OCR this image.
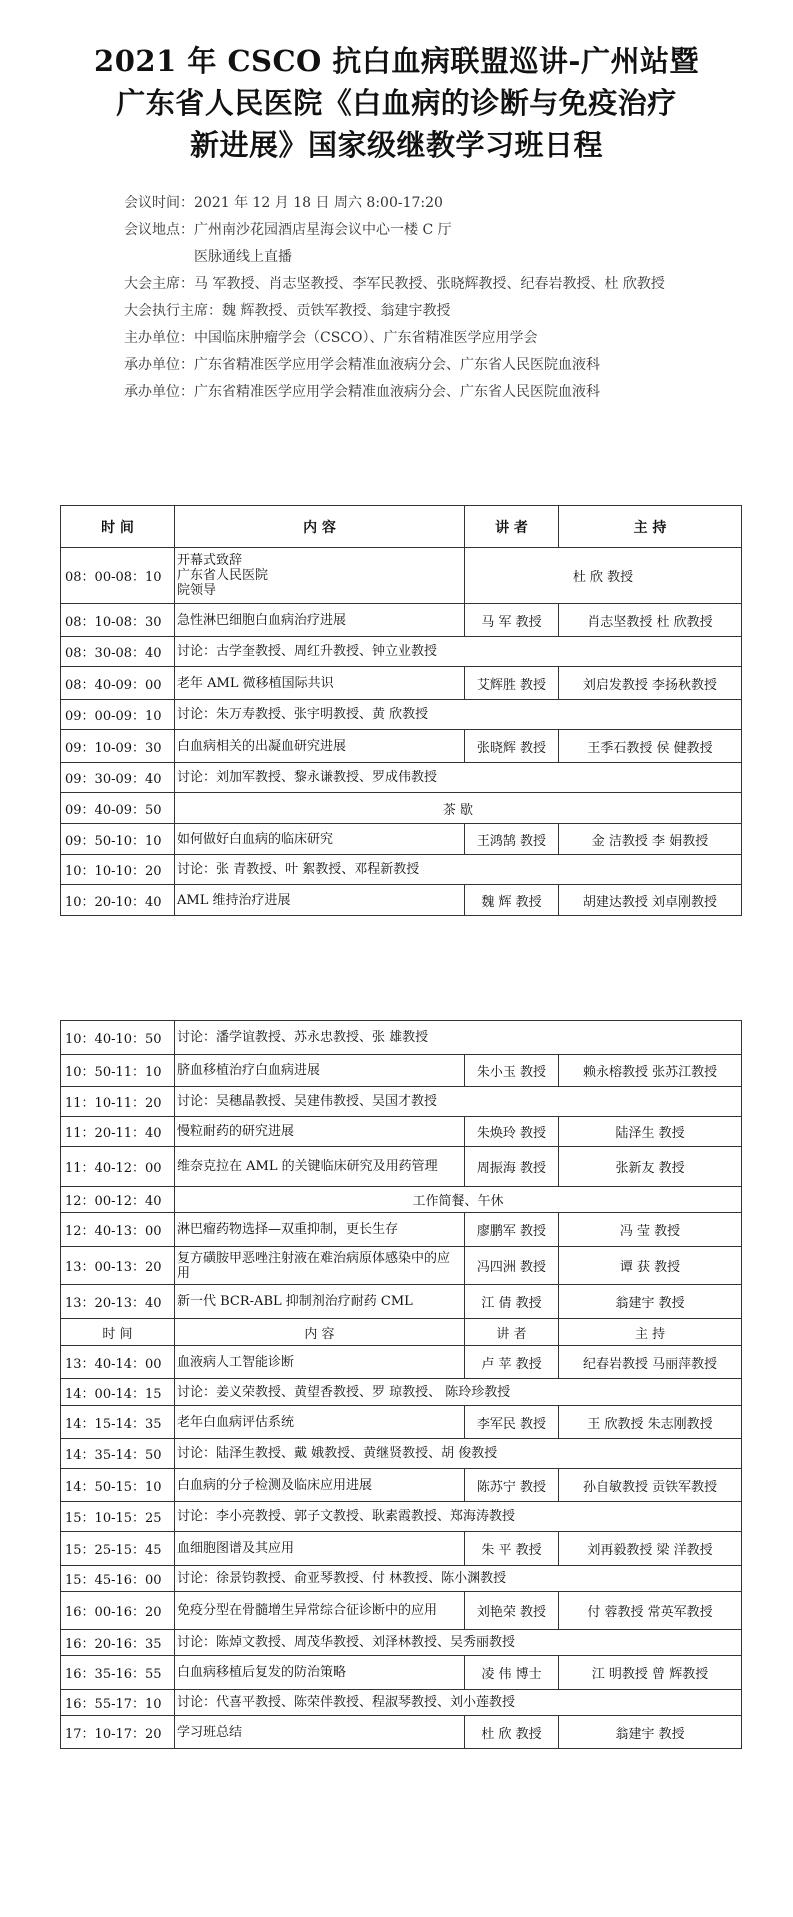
2021 年 CSCO 抗白血病联盟巡讲-广州站暨
广东省人民医院《白血病的诊断与免疫治疗
新进展》国家级继教学习班日程
会议时间： 2021 年 12 月 18 日 周六 8:00-17:20
会议地点： 广州南沙花园酒店星海会议中心一楼 C 厅
医脉通线上直播
大会主席：马 军教授、肖志坚教授、李军民教授、张晓辉教授、纪春岩教授、杜 欣教授
大会执行主席： 魏 辉教授、贡铁军教授、翁建宇教授
主办单位： 中国临床肿瘤学会（CSCO）、广东省精准医学应用学会
承办单位： 广东省精准医学应用学会精准血液病分会、广东省人民医院血液科
承办单位： 广东省精准医学应用学会精准血液病分会、广东省人民医院血液科
时 间	内 容	讲 者	主 持
08：00-08：10	开幕式致辞
广东省人民医院
院领导	杜 欣 教授	
08：10-08：30	急性淋巴细胞白血病治疗进展	马 军 教授	肖志坚教授 杜 欣教授
08：30-08：40	讨论：古学奎教授、周红升教授、钟立业教授		
08：40-09：00	老年 AML 微移植国际共识	艾辉胜 教授	刘启发教授 李扬秋教授
09：00-09：10	讨论：朱万寿教授、张宇明教授、黄 欣教授		
09：10-09：30	白血病相关的出凝血研究进展	张晓辉 教授	王季石教授 侯 健教授
09：30-09：40	讨论：刘加军教授、黎永谦教授、罗成伟教授		
09：40-09：50	茶 歇		
09：50-10：10	如何做好白血病的临床研究	王鸿鹄 教授	金 洁教授 李 娟教授
10：10-10：20	讨论：张 青教授、叶 絮教授、邓程新教授		
10：20-10：40	AML 维持治疗进展	魏 辉 教授	胡建达教授 刘卓刚教授
10：40-10：50	讨论：潘学谊教授、苏永忠教授、张 雄教授		
10：50-11：10	脐血移植治疗白血病进展	朱小玉 教授	赖永榕教授 张苏江教授
11：10-11：20	讨论：吴穗晶教授、吴建伟教授、吴国才教授		
11：20-11：40	慢粒耐药的研究进展	朱焕玲 教授	陆泽生 教授
11：40-12：00	维奈克拉在 AML 的关键临床研究及用药管理	周振海 教授	张新友 教授
12：00-12：40	工作简餐、午休		
12：40-13：00	淋巴瘤药物选择—双重抑制，更长生存	廖鹏军 教授	冯 莹 教授
13：00-13：20	复方磺胺甲恶唑注射液在难治病原体感染中的应用	冯四洲 教授	谭 获 教授
13：20-13：40	新一代 BCR-ABL 抑制剂治疗耐药 CML	江 倩 教授	翁建宇 教授
时 间	内 容	讲 者	主 持
13：40-14：00	血液病人工智能诊断	卢 苹 教授	纪春岩教授 马丽萍教授
14：00-14：15	讨论：姜义荣教授、黄望香教授、罗 琼教授、 陈玲珍教授		
14：15-14：35	老年白血病评估系统	李军民 教授	王 欣教授 朱志刚教授
14：35-14：50	讨论：陆泽生教授、戴 娥教授、黄继贤教授、胡 俊教授		
14：50-15：10	白血病的分子检测及临床应用进展	陈苏宁 教授	孙自敏教授 贡铁军教授
15：10-15：25	讨论：李小亮教授、郭子文教授、耿素霞教授、郑海涛教授		
15：25-15：45	血细胞图谱及其应用	朱 平 教授	刘再毅教授 梁 洋教授
15：45-16：00	讨论：徐景钧教授、俞亚琴教授、付 林教授、陈小渊教授		
16：00-16：20	免疫分型在骨髓增生异常综合征诊断中的应用	刘艳荣 教授	付 蓉教授 常英军教授
16：20-16：35	讨论：陈焯文教授、周茂华教授、刘泽林教授、吴秀丽教授		
16：35-16：55	白血病移植后复发的防治策略	凌 伟 博士	江 明教授 曾 辉教授
16：55-17：10	讨论：代喜平教授、陈荣伴教授、程淑琴教授、刘小莲教授		
17：10-17：20	学习班总结	杜 欣 教授	翁建宇 教授
